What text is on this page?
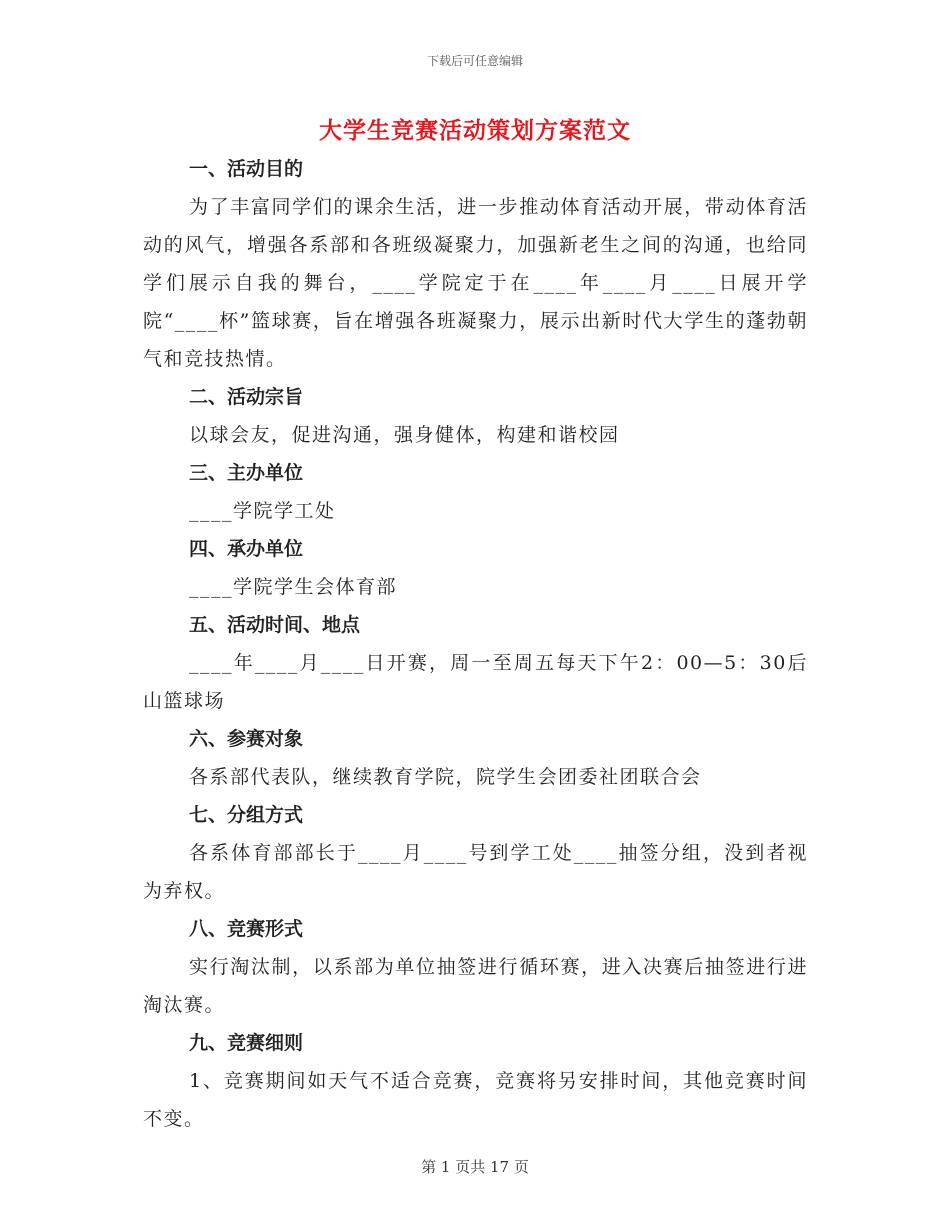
下载后可任意编辑
大学生竞赛活动策划方案范文
一、活动目的

为了丰富同学们的课余生活，进一步推动体育活动开展，带动体育活动的风气，增强各系部和各班级凝聚力，加强新老生之间的沟通，也给同学们展示自我的舞台，____学院定于在____年____月____日展开学院“____杯”篮球赛，旨在增强各班凝聚力，展示出新时代大学生的蓬勃朝气和竞技热情。

二、活动宗旨

以球会友，促进沟通，强身健体，构建和谐校园

三、主办单位

____学院学工处

四、承办单位

____学院学生会体育部

五、活动时间、地点

____年____月____日开赛，周一至周五每天下午2：00—5：30后山篮球场

六、参赛对象

各系部代表队，继续教育学院，院学生会团委社团联合会

七、分组方式

各系体育部部长于____月____号到学工处____抽签分组，没到者视为弃权。

八、竞赛形式

实行淘汰制，以系部为单位抽签进行循环赛，进入决赛后抽签进行进淘汰赛。

九、竞赛细则

1、竞赛期间如天气不适合竞赛，竞赛将另安排时间，其他竞赛时间不变。

第 1 页共 17 页
